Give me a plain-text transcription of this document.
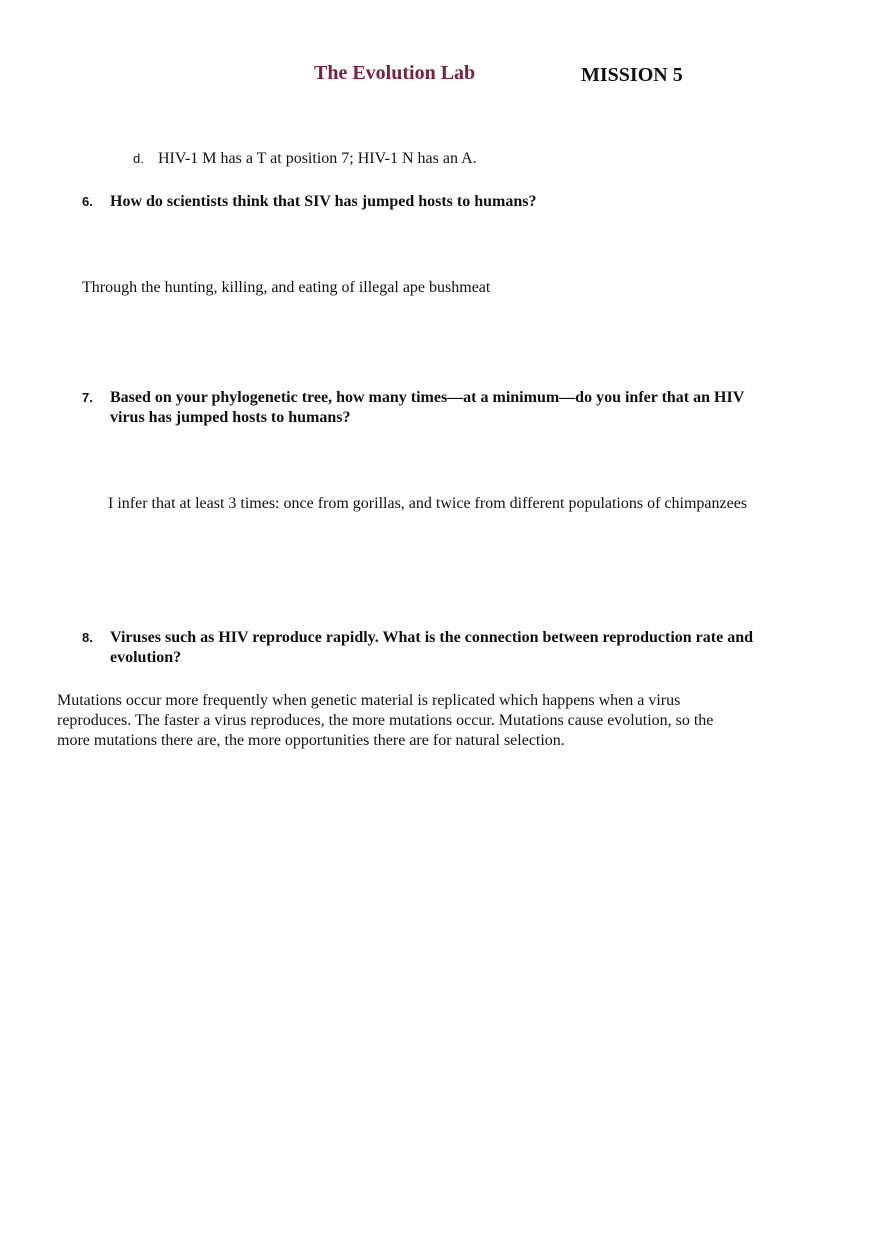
The Evolution Lab	MISSION 5
d. HIV-1 M has a T at position 7; HIV-1 N has an A.
6. How do scientists think that SIV has jumped hosts to humans?
Through the hunting, killing, and eating of illegal ape bushmeat
7. Based on your phylogenetic tree, how many times—at a minimum—do you infer that an HIV
virus has jumped hosts to humans?
I infer that at least 3 times: once from gorillas, and twice from different populations of chimpanzees
8. Viruses such as HIV reproduce rapidly. What is the connection between reproduction rate and
evolution?
Mutations occur more frequently when genetic material is replicated which happens when a virus
reproduces. The faster a virus reproduces, the more mutations occur. Mutations cause evolution, so the
more mutations there are, the more opportunities there are for natural selection.
